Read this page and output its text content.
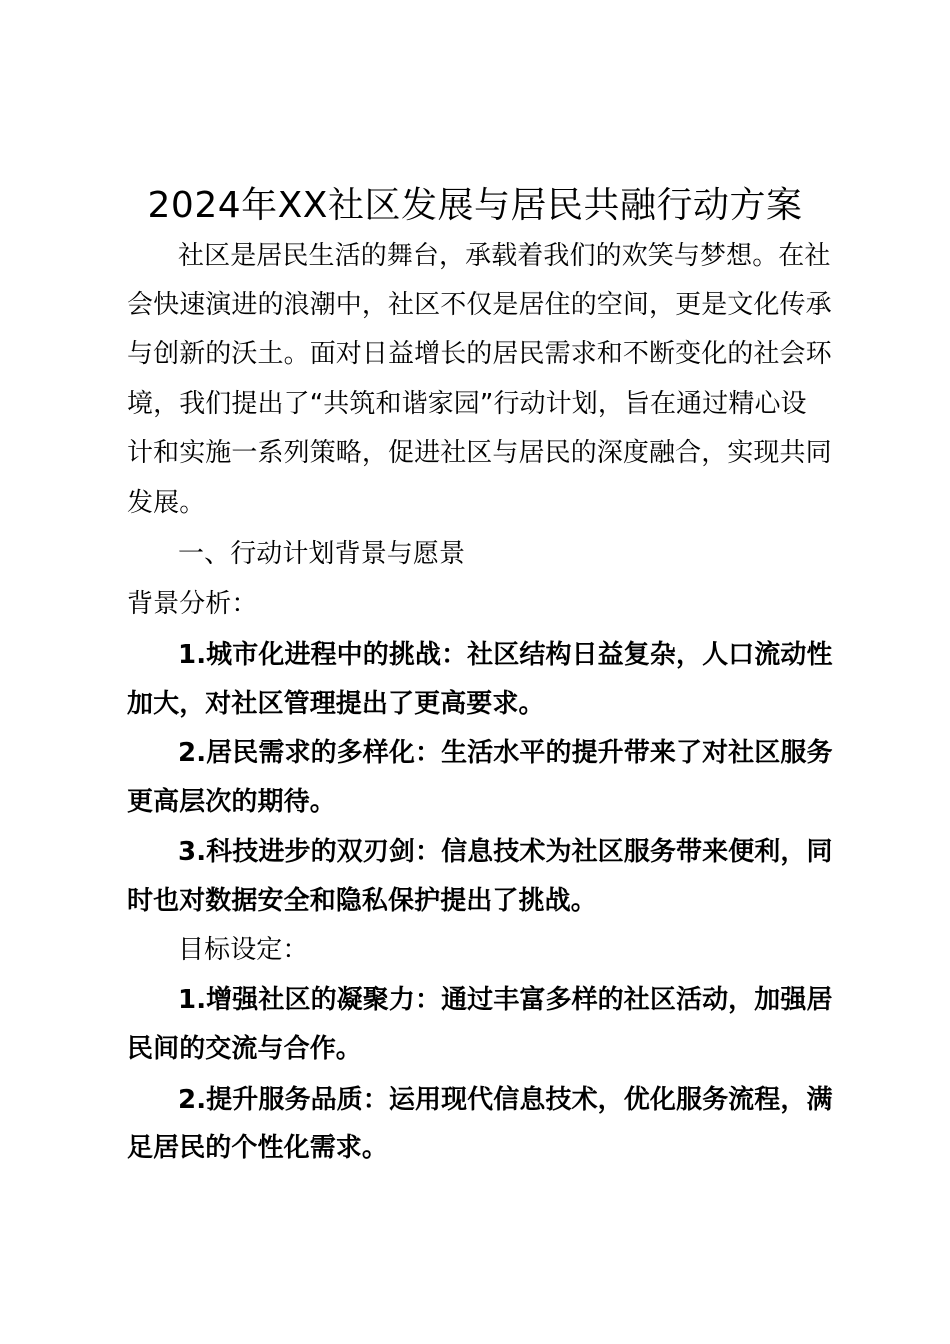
2024年XX社区发展与居民共融行动方案
社区是居民生活的舞台，承载着我们的欢笑与梦想。在社
会快速演进的浪潮中，社区不仅是居住的空间，更是文化传承
与创新的沃土。面对日益增长的居民需求和不断变化的社会环
境，我们提出了“共筑和谐家园”行动计划，旨在通过精心设
计和实施一系列策略，促进社区与居民的深度融合，实现共同
发展。
一、行动计划背景与愿景
背景分析：
1.城市化进程中的挑战：社区结构日益复杂，人口流动性
加大，对社区管理提出了更高要求。
2.居民需求的多样化：生活水平的提升带来了对社区服务
更高层次的期待。
3.科技进步的双刃剑：信息技术为社区服务带来便利，同
时也对数据安全和隐私保护提出了挑战。
目标设定：
1.增强社区的凝聚力：通过丰富多样的社区活动，加强居
民间的交流与合作。
2.提升服务品质：运用现代信息技术，优化服务流程，满
足居民的个性化需求。
